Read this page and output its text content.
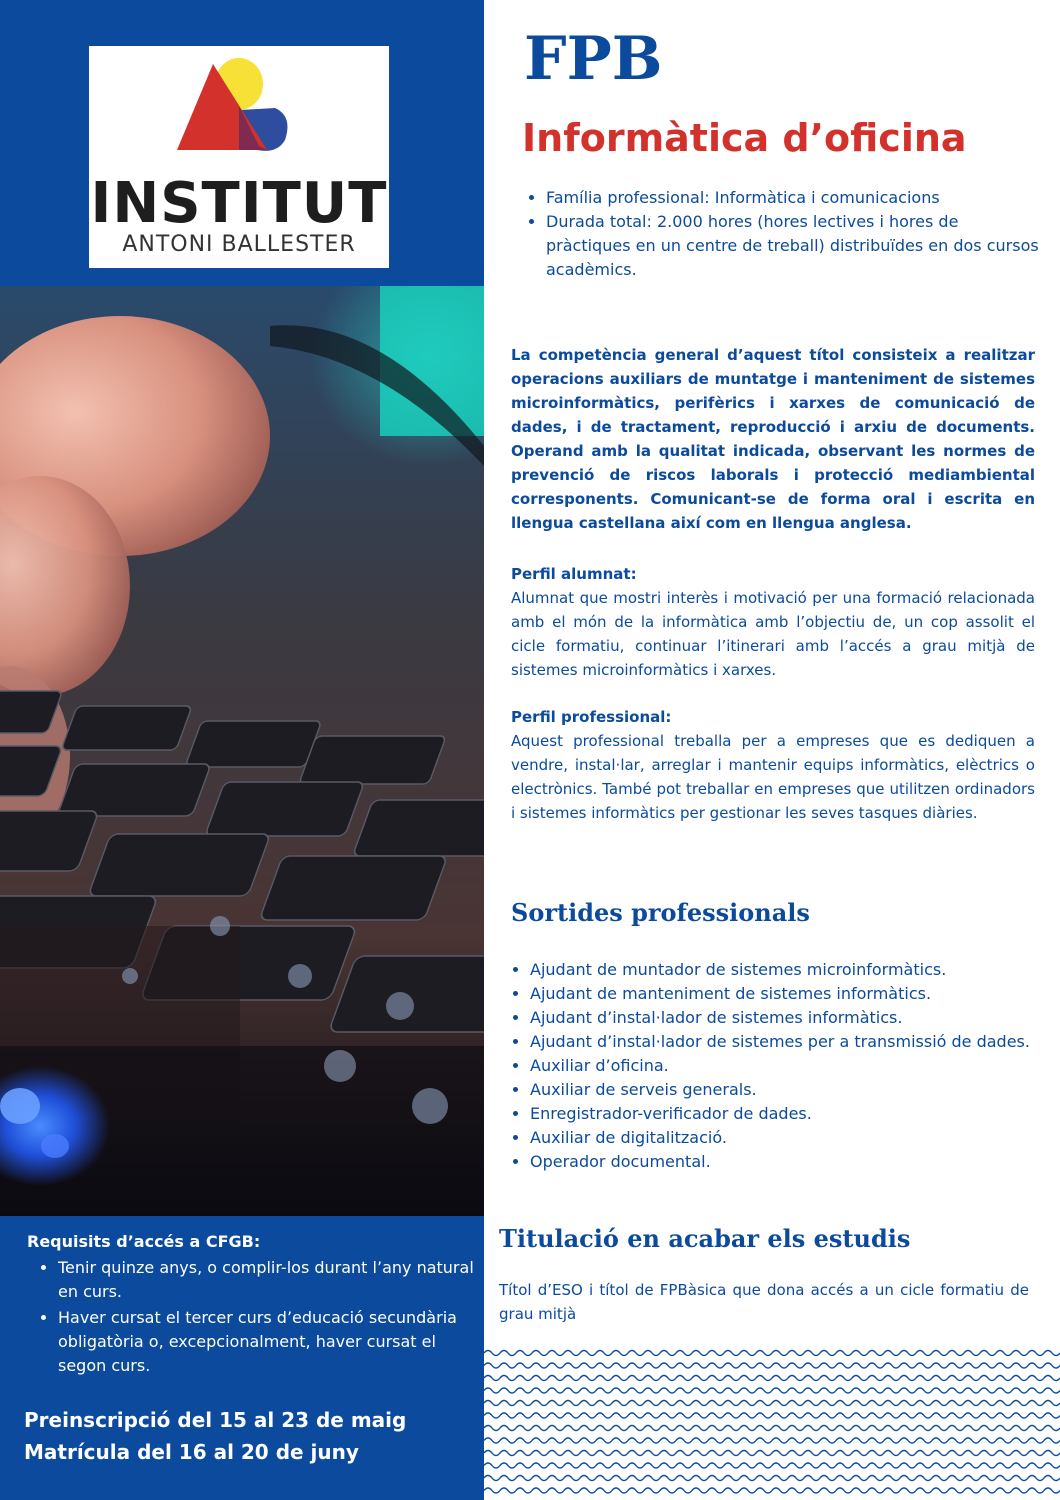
INSTITUT
ANTONI BALLESTER
Requisits d’accés a CFGB:
• Tenir quinze anys, o complir-los durant l’any natural en curs.
• Haver cursat el tercer curs d’educació secundària obligatòria o, excepcionalment, haver cursat el segon curs.
Preinscripció del 15 al 23 de maig
Matrícula del 16 al 20 de juny
FPB
Informàtica d’oficina
• Família professional: Informàtica i comunicacions
• Durada total: 2.000 hores (hores lectives i hores de pràctiques en un centre de treball) distribuïdes en dos cursos acadèmics.

La competència general d’aquest títol consisteix a realitzar operacions auxiliars de muntatge i manteniment de sistemes microinformàtics, perifèrics i xarxes de comunicació de dades, i de tractament, reproducció i arxiu de documents. Operand amb la qualitat indicada, observant les normes de prevenció de riscos laborals i protecció mediambiental corresponents. Comunicant-se de forma oral i escrita en llengua castellana així com en llengua anglesa.

Perfil alumnat:
Alumnat que mostri interès i motivació per una formació relacionada amb el món de la informàtica amb l’objectiu de, un cop assolit el cicle formatiu, continuar l’itinerari amb l’accés a grau mitjà de sistemes microinformàtics i xarxes.
Perfil professional:
Aquest professional treballa per a empreses que es dediquen a vendre, instal·lar, arreglar i mantenir equips informàtics, elèctrics o electrònics. També pot treballar en empreses que utilitzen ordinadors i sistemes informàtics per gestionar les seves tasques diàries.
Sortides professionals
• Ajudant de muntador de sistemes microinformàtics.
• Ajudant de manteniment de sistemes informàtics.
• Ajudant d’instal·lador de sistemes informàtics.
• Ajudant d’instal·lador de sistemes per a transmissió de dades.
• Auxiliar d’oficina.
• Auxiliar de serveis generals.
• Enregistrador-verificador de dades.
• Auxiliar de digitalització.
• Operador documental.
Titulació en acabar els estudis

Títol d’ESO i títol de FPBàsica que dona accés a un cicle formatiu de grau mitjà
